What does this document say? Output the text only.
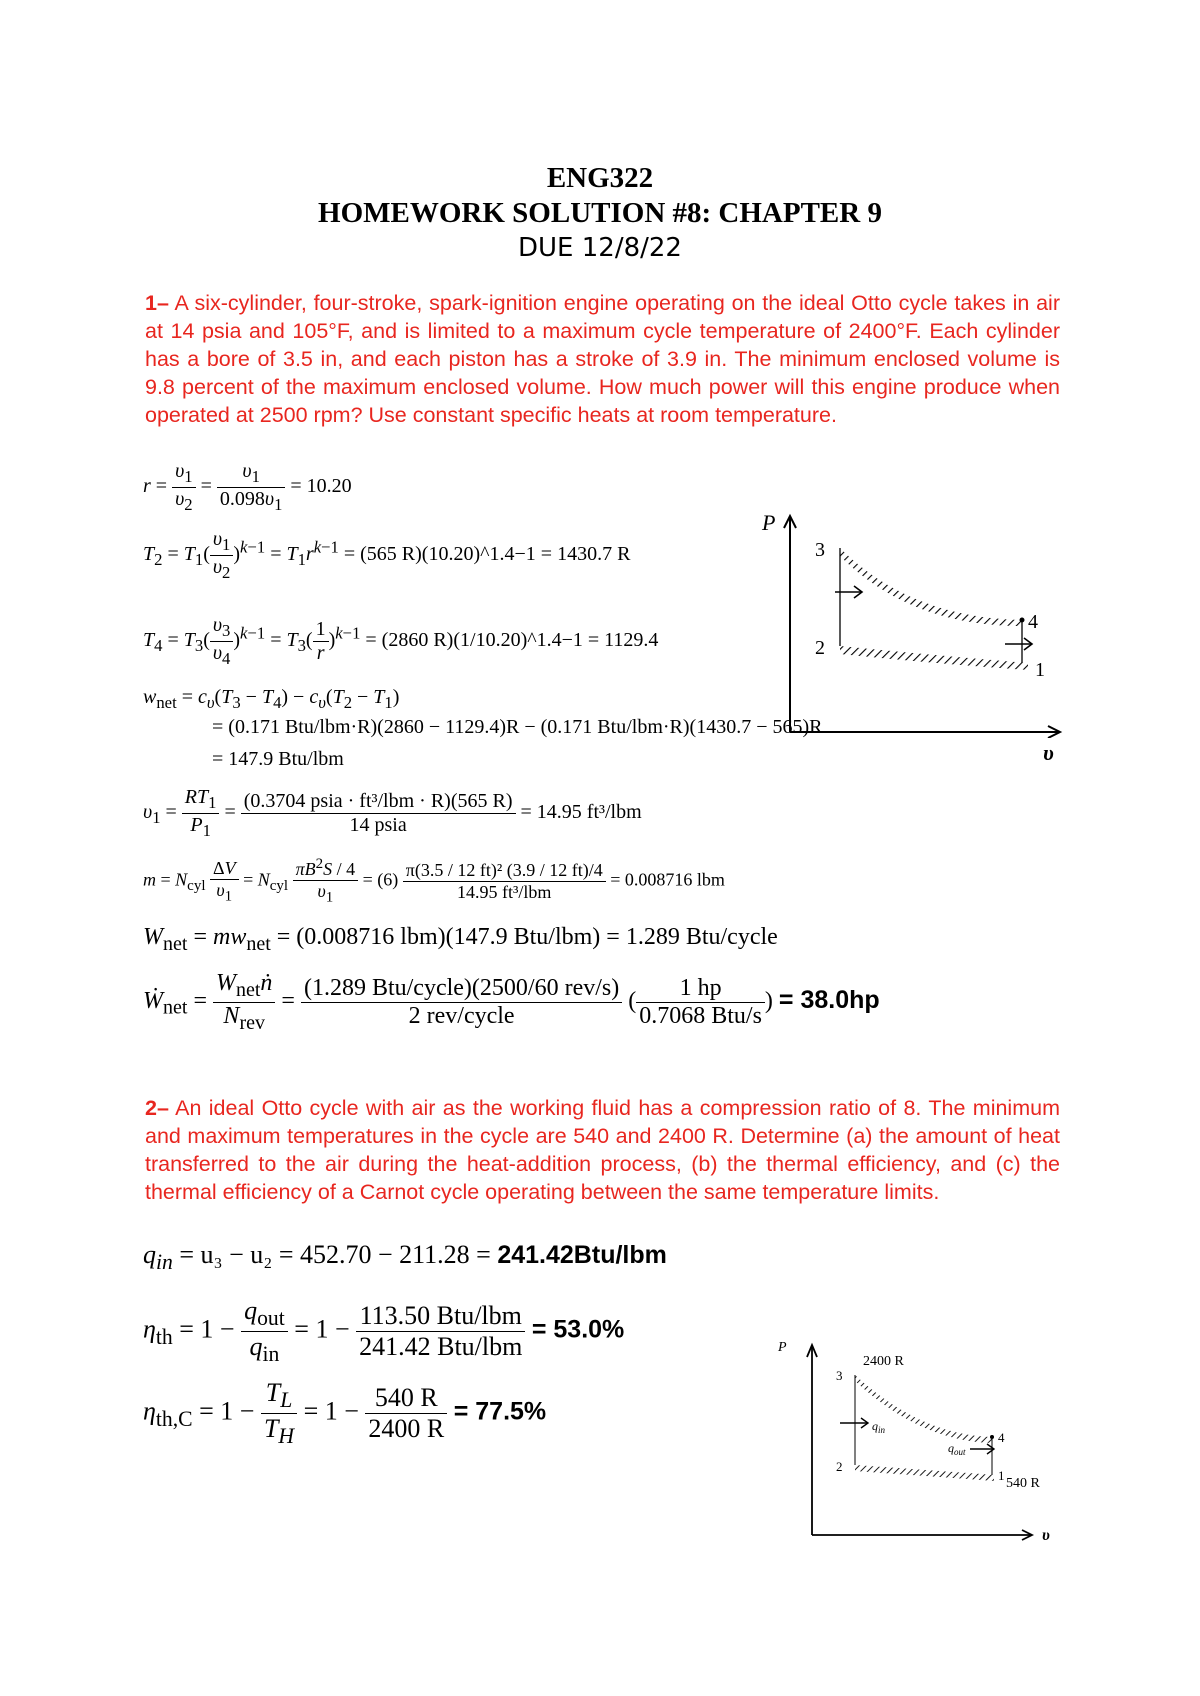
ENG322
HOMEWORK SOLUTION #8: CHAPTER 9
DUE 12/8/22
1– A six-cylinder, four-stroke, spark-ignition engine operating on the ideal Otto cycle takes in air at 14 psia and 105°F, and is limited to a maximum cycle temperature of 2400°F. Each cylinder has a bore of 3.5 in, and each piston has a stroke of 3.9 in. The minimum enclosed volume is 9.8 percent of the maximum enclosed volume. How much power will this engine produce when operated at 2500 rpm? Use constant specific heats at room temperature.
$r = \frac{\upsilon_1}{\upsilon_2} = \frac{\upsilon_1}{0.098\upsilon_1} = 10.20$
$T_2 = T_1( \frac{\upsilon_1}{\upsilon_2} )^{k-1} = T_1r^{k-1} = (565$ R)(10.20)^1.4−1 = 1430.7 R
$T_4 = T_3( \frac{\upsilon_3}{\upsilon_4} )^{k-1} = T_3( \frac{1}{r} )^{k-1} = (2860$ R)(1/10.20)^1.4−1 = 1129.4
$w_{net} = c_\upsilon(T_3 - T_4) - c_\upsilon(T_2 - T_1)$
= (0.171 Btu/lbm·R)(2860 − 1129.4)R − (0.171 Btu/lbm·R)(1430.7 − 565)R
= 147.9 Btu/lbm
$\upsilon_1 = \frac{RT_1}{P_1} = \frac{\text{(0.3704 psia · ft³/lbm · R)(565 R)}}{\text{14 psia}} = 14.95$ ft³/lbm
$m = N_{cyl} \frac{\Delta V}{\upsilon_1} = N_{cyl} \frac{\pi B^2S / 4}{\upsilon_1} = (6) \frac{\text{π(3.5 / 12 ft)² (3.9 / 12 ft)/4}}{\text{14.95 ft³/lbm}} = 0.008716$ lbm
$W_{net} = mw_{net} = (0.008716$ lbm)(147.9 Btu/lbm) = 1.289 Btu/cycle
Ẇ$_{net}$ = $\frac{W_{net}ṅ}{N_{rev}} = \frac{\text{(1.289 Btu/cycle)(2500/60 rev/s)}}{\text{2 rev/cycle}}$ ( $\frac{1 hp}{\text{0.7068 Btu/s}}$ ) = 38.0hp
P
3
2
4
1
υ
2– An ideal Otto cycle with air as the working fluid has a compression ratio of 8. The minimum and maximum temperatures in the cycle are 540 and 2400 R. Determine (a) the amount of heat transferred to the air during the heat-addition process, (b) the thermal efficiency, and (c) the thermal efficiency of a Carnot cycle operating between the same temperature limits.
$q_{in} = u_3 - u_2 = 452.70 - 211.28 = 241.42Btu/lbm$
$\eta_{th} = 1 - \frac{q_{out}}{q_{in}} = 1 - \frac{\text{113.50 Btu/lbm}}{\text{241.42 Btu/lbm}} = 53.0\%$
$\eta_{th,C} = 1 - \frac{T_L}{T_H} = 1 - \frac{540 R}{2400 R} = 77.5\%$
P
2400 R
$q_{in}$
$q_{out}$
3
2
4
1
540 R
υ
